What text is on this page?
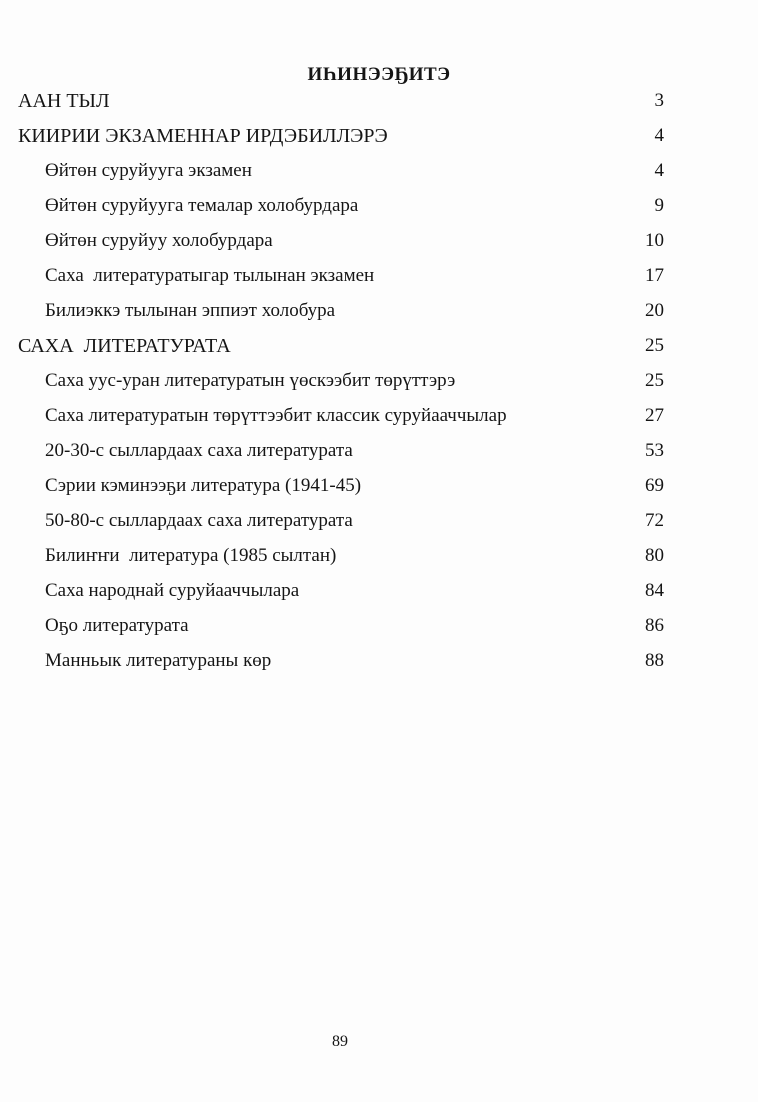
ИҺИНЭЭҔИТЭ
ААН ТЫЛ	3
КИИРИИ ЭКЗАМЕННАР ИРДЭБИЛЛЭРЭ	4
Өйтөн суруйууга экзамен	4
Өйтөн суруйууга темалар холобурдара	9
Өйтөн суруйуу холобурдара	10
Саха  литературатыгар тылынан экзамен	17
Билиэккэ тылынан эппиэт холобура	20
САХА  ЛИТЕРАТУРАТА	25
Саха уус-уран литературатын үөскээбит төрүттэрэ	25
Саха литературатын төрүттээбит классик суруйааччылар	27
20-30-с сыллардаах саха литературата	53
Сэрии кэминээҕи литература (1941-45)	69
50-80-с сыллардаах саха литературата	72
Билиҥҥи  литература (1985 сылтан)	80
Саха народнай суруйааччылара	84
Оҕо литературата	86
Манньык литератураны көр	88
89
